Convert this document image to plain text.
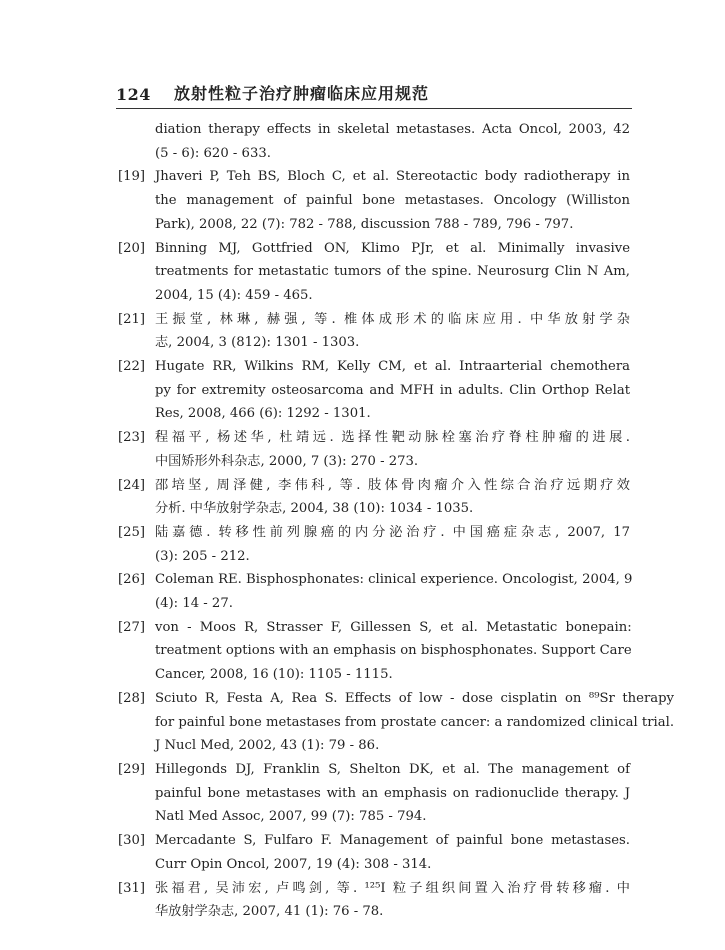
124	放射性粒子治疗肿瘤临床应用规范
diation therapy effects in skeletal metastases. Acta Oncol, 2003, 42
(5 - 6): 620 - 633.
[19] Jhaveri P, Teh BS, Bloch C, et al. Stereotactic body radiotherapy in
the management of painful bone metastases. Oncology (Williston
Park), 2008, 22 (7): 782 - 788, discussion 788 - 789, 796 - 797.
[20] Binning MJ, Gottfried ON, Klimo PJr, et al. Minimally invasive
treatments for metastatic tumors of the spine. Neurosurg Clin N Am,
2004, 15 (4): 459 - 465.
[21] 王振堂, 林琳, 赫强, 等. 椎体成形术的临床应用. 中华放射学杂
志, 2004, 3 (812): 1301 - 1303.
[22] Hugate RR, Wilkins RM, Kelly CM, et al. Intraarterial chemothera
py for extremity osteosarcoma and MFH in adults. Clin Orthop Relat
Res, 2008, 466 (6): 1292 - 1301.
[23] 程福平, 杨述华, 杜靖远. 选择性靶动脉栓塞治疗脊柱肿瘤的进展.
中国矫形外科杂志, 2000, 7 (3): 270 - 273.
[24] 邵培坚, 周泽健, 李伟科, 等. 肢体骨肉瘤介入性综合治疗远期疗效
分析. 中华放射学杂志, 2004, 38 (10): 1034 - 1035.
[25] 陆嘉德. 转移性前列腺癌的内分泌治疗. 中国癌症杂志, 2007, 17
(3): 205 - 212.
[26] Coleman RE. Bisphosphonates: clinical experience. Oncologist, 2004, 9
(4): 14 - 27.
[27] von - Moos R, Strasser F, Gillessen S, et al. Metastatic bonepain:
treatment options with an emphasis on bisphosphonates. Support Care
Cancer, 2008, 16 (10): 1105 - 1115.
[28] Sciuto R, Festa A, Rea S. Effects of low - dose cisplatin on ⁸⁹Sr therapy
for painful bone metastases from prostate cancer: a randomized clinical trial.
J Nucl Med, 2002, 43 (1): 79 - 86.
[29] Hillegonds DJ, Franklin S, Shelton DK, et al. The management of
painful bone metastases with an emphasis on radionuclide therapy. J
Natl Med Assoc, 2007, 99 (7): 785 - 794.
[30] Mercadante S, Fulfaro F. Management of painful bone metastases.
Curr Opin Oncol, 2007, 19 (4): 308 - 314.
[31] 张福君, 吴沛宏, 卢鸣剑, 等. ¹²⁵I 粒子组织间置入治疗骨转移瘤. 中
华放射学杂志, 2007, 41 (1): 76 - 78.
